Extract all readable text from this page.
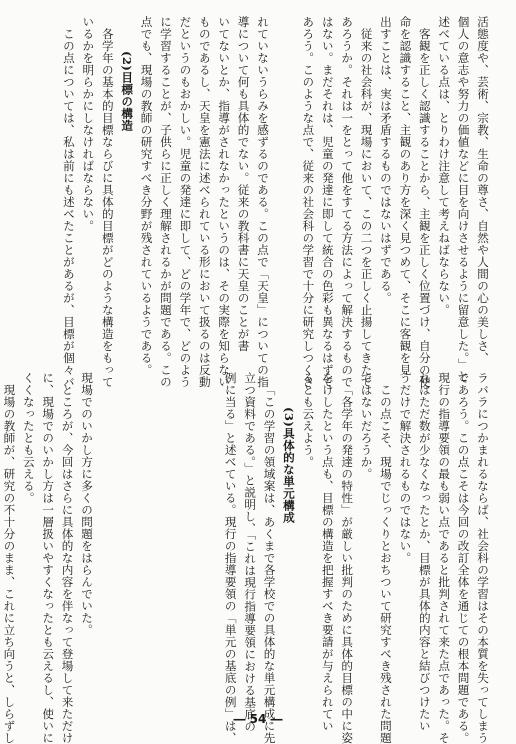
活態度や、芸術、宗教、生命の尊さ、自然や人間の心の美しさ、

個人の意志や努力の価値などに目を向けさせるように留意した。」と

述べている点は、とりわけ注意して考えねばならない。

客観を正しく認識することから、主観を正しく位置づけ、自分の使

命を認識すること、主観のあり方を深く見つめて、そこに客観を見

出すことは、実は矛盾するものではないはずである。

従来の社会科が、現場において、この二つを正しく止揚してきたで

あろうか。それは一をとって他をすてる方法によって解決するもので

はない。まだそれは、児童の発達に即して統合の色彩も異なるはずで

あろう。このような点で、従来の社会科の学習で十分に研究しつくさ

れていないうらみを感ずるのである。この点で「天皇」についての指

導について何も具体的でない。従来の教科書に天皇のことが書

いてないとか、指導がされなかったというのは、その実際を知らない

ものであるし、天皇を憲法に述べられている形において扱るのは反動

だというのもおかしい。児童の発達に即して、どの学年で、どのよう

に学習することが、子供らに正しく理解されるかが問題である。この

点でも、現場の教師の研究すべき分野が残されているようである。

(2)目標の構造

各学年の基本的目標ならびに具体的目標がどのような構造をもって

いるかを明らかにしなければならない。

この点については、私は前にも述べたことがあるが、目標が個々バ

ラバラにつかまれるならば、社会科の学習はその本質を失ってしまう

であろう。この点こそは今回の改訂全体を通じての根本問題である。

現行の指導要領の最も弱い点であると批判されて来た点であった。そ

れはただ数が少なくなったとか、目標が具体的内容と結びつけたい

うだけで解決されるものではない。

この点こそ、現場でじっくりとおちついて研究すべき残された問題

ではないだろうか。

「各学年の発達の特性」が厳しい批判のために具体的目標の中に姿

をけしたという点も、目標の構造を把握すべき要請が与えられてい

るとも云えよう。

(3)具体的な単元構成

「この学習の領域案は、あくまで各学校での具体的な単元構成に先

立つ資料である。」と説明し、「これは現行指導要領における基底の

例に当る」と述べている。現行の指導要領の「単元の基底の例」は、

現場でのいかし方に多くの問題をはらんでいた。

ところが、今回はさらに具体的な内容を伴なって登場して来ただけ

に、現場でのいかし方は一層扱いやすくなったとも云えるし、使いに

くくなったとも云える。

現場の教師が、研究の不十分のまま、これに立ち向うと、しらずし	― 54 ―
